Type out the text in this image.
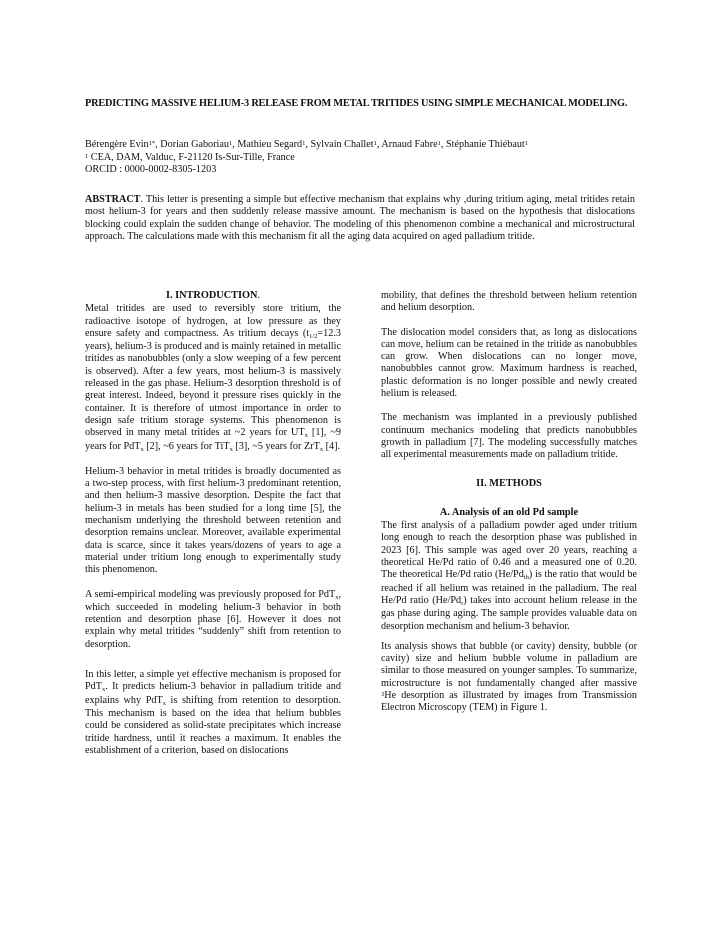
PREDICTING MASSIVE HELIUM-3 RELEASE FROM METAL TRITIDES USING SIMPLE MECHANICAL MODELING.
Bérengère Evin$^{1*}$, Dorian Gaboriau$^1$, Mathieu Segard$^1$, Sylvain Challet$^1$, Arnaud Fabre$^1$, Stéphanie Thiébaut$^1$
$^1$ CEA, DAM, Valduc, F-21120 Is-Sur-Tille, France
ORCID : 0000-0002-8305-1203

ABSTRACT. This letter is presenting a simple but effective mechanism that explains why ,during tritium aging, metal tritides retain most helium-3 for years and then suddenly release massive amount. The mechanism is based on the hypothesis that dislocations blocking could explain the sudden change of behavior. The modeling of this phenomenon combine a mechanical and microstructural approach. The calculations made with this mechanism fit all the aging data acquired on aged palladium tritide.

I. INTRODUCTION.

Metal tritides are used to reversibly store tritium, the radioactive isotope of hydrogen, at low pressure as they ensure safety and compactness. As tritium decays (t1/2=12.3 years), helium-3 is produced and is mainly retained in metallic tritides as nanobubbles (only a slow weeping of a few percent is observed). After a few years, most helium-3 is massively released in the gas phase. Helium-3 desorption threshold is of great interest. Indeed, beyond it pressure rises quickly in the container. It is therefore of utmost importance in order to design safe tritium storage systems. This phenomenon is observed in many metal tritides at ~2 years for UTx [1], ~9 years for PdTx [2], ~6 years for TiTx [3], ~5 years for ZrTx [4].

Helium-3 behavior in metal tritides is broadly documented as a two-step process, with first helium-3 predominant retention, and then helium-3 massive desorption. Despite the fact that helium-3 in metals has been studied for a long time [5], the mechanism underlying the threshold between retention and desorption remains unclear. Moreover, available experimental data is scarce, since it takes years/dozens of years to age a material under tritium long enough to experimentally study this phenomenon.

A semi-empirical modeling was previously proposed for PdTx, which succeeded in modeling helium-3 behavior in both retention and desorption phase [6]. However it does not explain why metal tritides “suddenly” shift from retention to desorption.

In this letter, a simple yet effective mechanism is proposed for PdTx. It predicts helium-3 behavior in palladium tritide and explains why PdTx is shifting from retention to desorption. This mechanism is based on the idea that helium bubbles could be considered as solid-state precipitates which increase tritide hardness, until it reaches a maximum. It enables the establishment of a criterion, based on dislocations

mobility, that defines the threshold between helium retention and helium desorption.

The dislocation model considers that, as long as dislocations can move, helium can be retained in the tritide as nanobubbles can grow. When dislocations can no longer move, nanobubbles cannot grow. Maximum hardness is reached, plastic deformation is no longer possible and newly created helium is released.

The mechanism was implanted in a previously published continuum mechanics modeling that predicts nanobubbles growth in palladium [7]. The modeling successfully matches all experimental measurements made on palladium tritide.

II. METHODS
A. Analysis of an old Pd sample

The first analysis of a palladium powder aged under tritium long enough to reach the desorption phase was published in 2023 [6]. This sample was aged over 20 years, reaching a theoretical He/Pd ratio of 0.46 and a measured one of 0.20. The theoretical He/Pd ratio (He/Pdth) is the ratio that would be reached if all helium was retained in the palladium. The real He/Pd ratio (He/Pdr) takes into account helium release in the gas phase during aging. The sample provides valuable data on desorption mechanism and helium-3 behavior.

Its analysis shows that bubble (or cavity) density, bubble (or cavity) size and helium bubble volume in palladium are similar to those measured on younger samples. To summarize, microstructure is not fundamentally changed after massive $^3$He desorption as illustrated by images from Transmission Electron Microscopy (TEM) in Figure 1.
